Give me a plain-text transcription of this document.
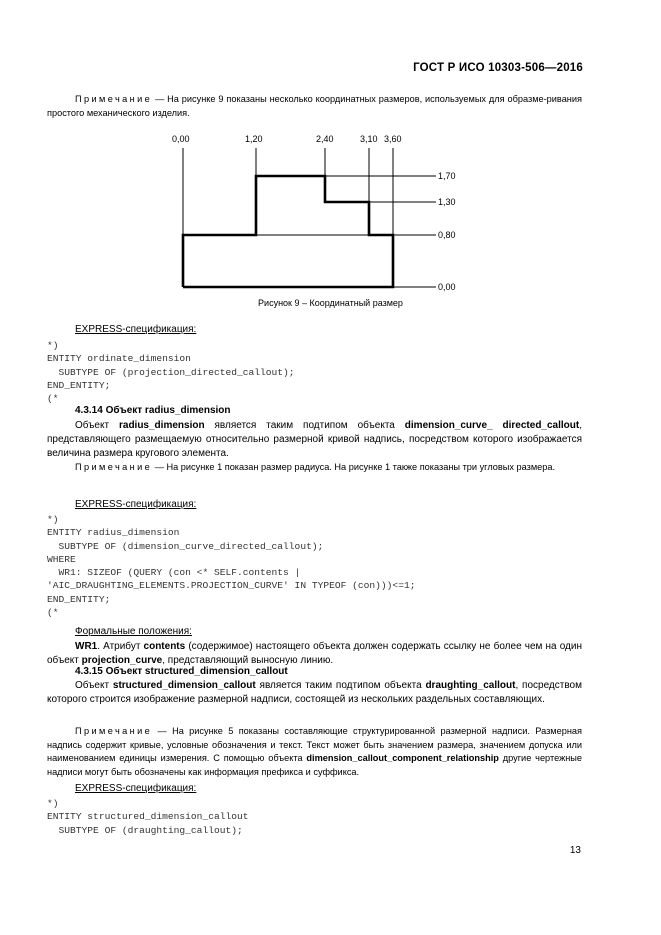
ГОСТ Р ИСО 10303-506—2016
Примечание — На рисунке 9 показаны несколько координатных размеров, используемых для образме-ривания простого механического изделия.
0,00	1,20	2,40	3,10 3,60
1,70
1,30
0,80
0,00
Рисунок 9 – Координатный размер
EXPRESS-спецификация:
*)
ENTITY ordinate_dimension
SUBTYPE OF (projection_directed_callout);
END_ENTITY;
(*
4.3.14 Объект radius_dimension
Объект radius_dimension является таким подтипом объекта dimension_curve_ directed_callout, представляющего размещаемую относительно размерной кривой надпись, посредством которого изображается величина размера кругового элемента.
Примечание — На рисунке 1 показан размер радиуса. На рисунке 1 также показаны три угловых размера.
EXPRESS-спецификация:
*)
ENTITY radius_dimension
SUBTYPE OF (dimension_curve_directed_callout);
WHERE
WR1: SIZEOF (QUERY (con <* SELF.contents |
'AIC_DRAUGHTING_ELEMENTS.PROJECTION_CURVE' IN TYPEOF (con)))<=1;
END_ENTITY;
(*
Формальные положения:
WR1. Атрибут contents (содержимое) настоящего объекта должен содержать ссылку не более чем на один объект projection_curve, представляющий выносную линию.
4.3.15 Объект structured_dimension_callout
Объект structured_dimension_callout является таким подтипом объекта draughting_callout, посредством которого строится изображение размерной надписи, состоящей из нескольких раздельных составляющих.
Примечание — На рисунке 5 показаны составляющие структурированной размерной надписи. Размерная надпись содержит кривые, условные обозначения и текст. Текст может быть значением размера, значением допуска или наименованием единицы измерения. С помощью объекта dimension_callout_component_relationship другие чертежные надписи могут быть обозначены как информация префикса и суффикса.
EXPRESS-спецификация:
*)
ENTITY structured_dimension_callout
SUBTYPE OF (draughting_callout);
13
